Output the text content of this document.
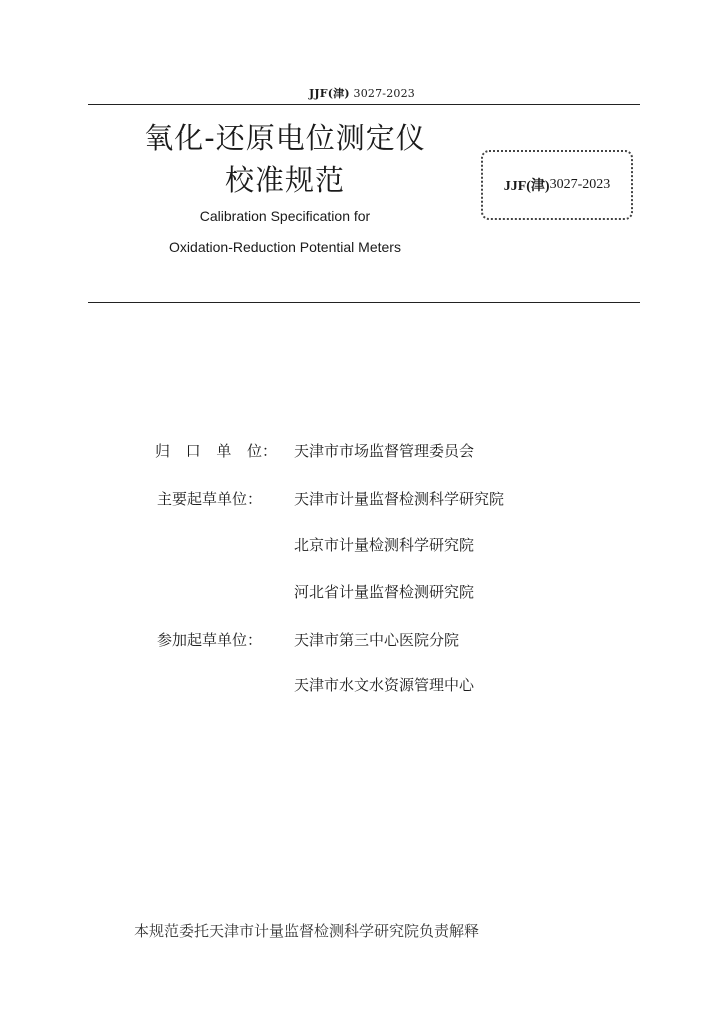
JJF(津) 3027-2023
氧化-还原电位测定仪
校准规范
Calibration Specification for
Oxidation-Reduction Potential Meters
JJF(津) 3027-2023
归 口 单 位： 天津市市场监督管理委员会
主要起草单位：	天津市计量监督检测科学研究院
北京市计量检测科学研究院
河北省计量监督检测研究院
参加起草单位：	天津市第三中心医院分院
天津市水文水资源管理中心
本规范委托天津市计量监督检测科学研究院负责解释
